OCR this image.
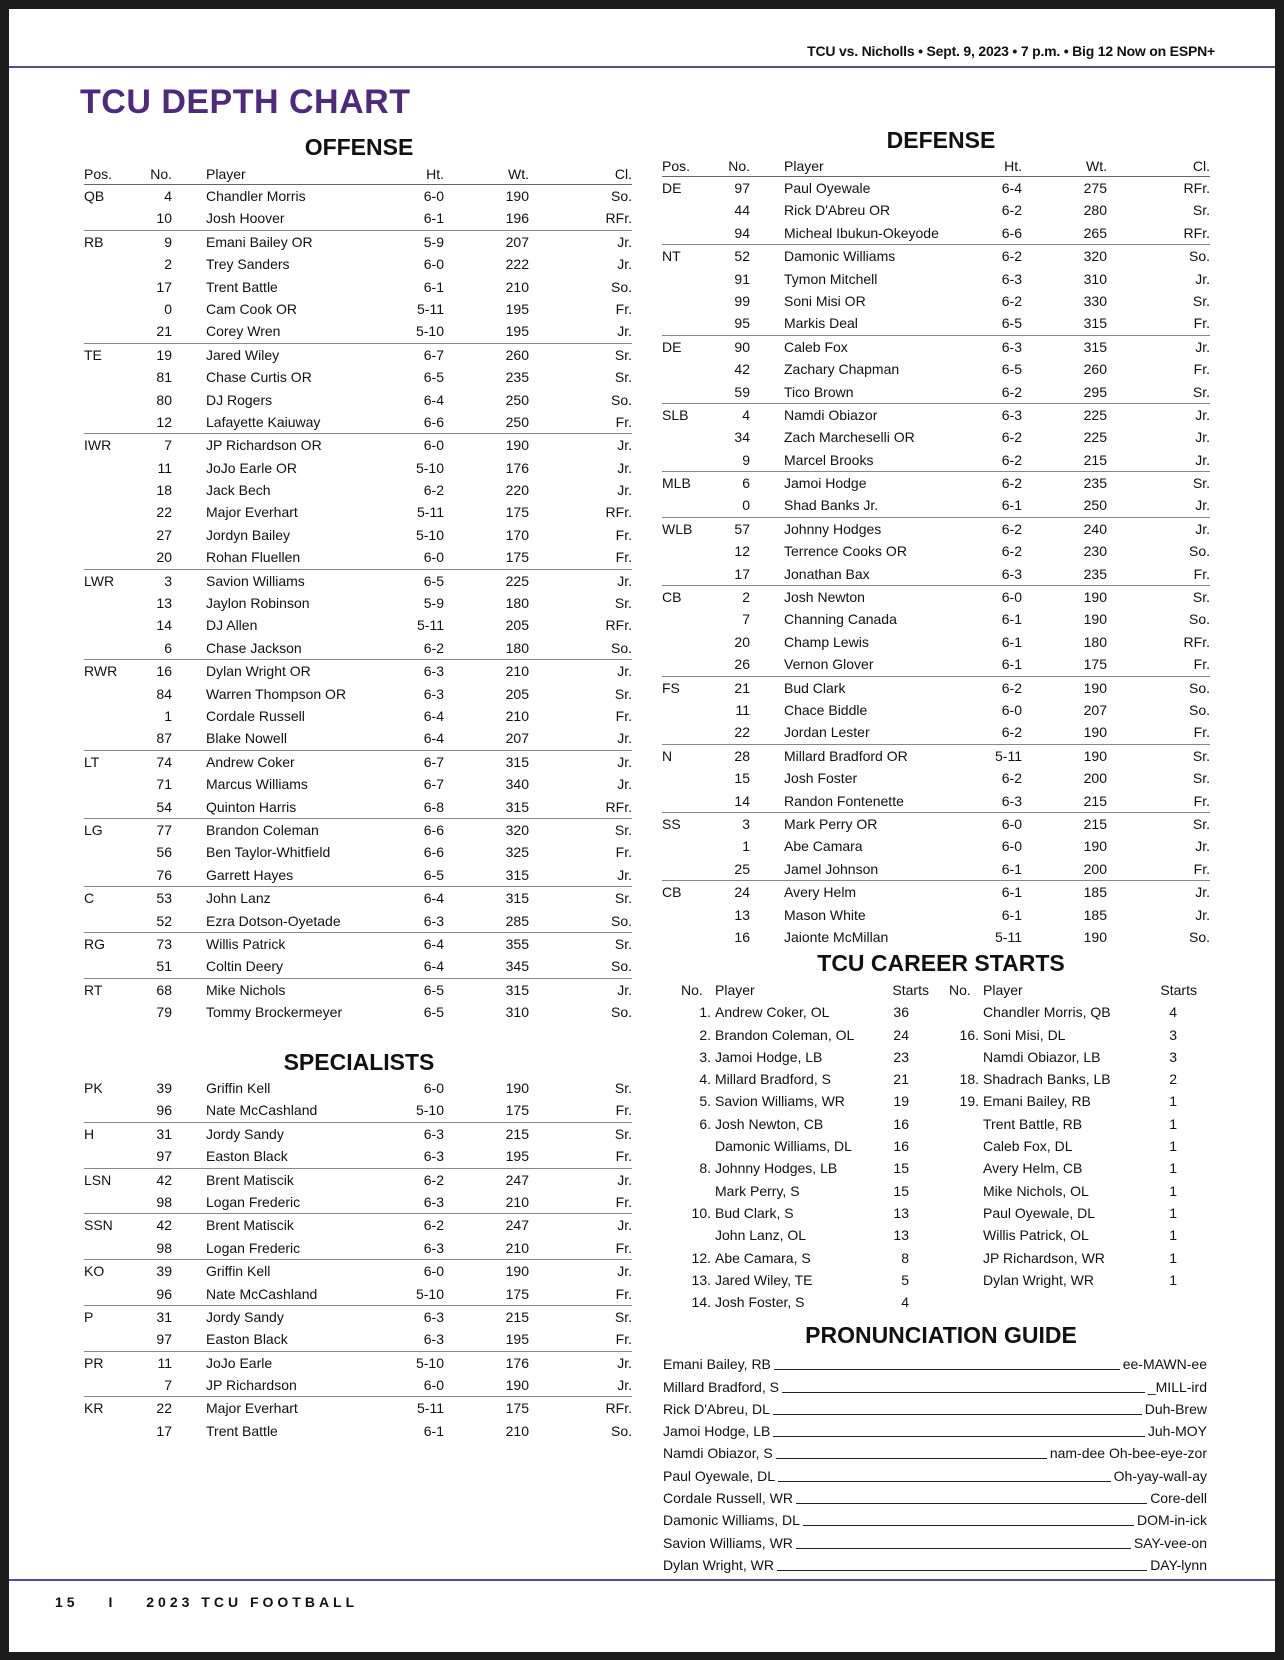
TCU vs. Nicholls • Sept. 9, 2023 • 7 p.m. • Big 12 Now on ESPN+
TCU DEPTH CHART
OFFENSE
Pos.	No. Player	Ht.	Wt.	Cl.
QB	4 Chandler Morris	6-0	190	So.
10 Josh Hoover	6-1	196	RFr.
RB	9 Emani Bailey OR	5-9	207	Jr.
2 Trey Sanders	6-0	222	Jr.
17 Trent Battle	6-1	210	So.
0 Cam Cook OR	5-11	195	Fr.
21 Corey Wren	5-10	195	Jr.
TE	19 Jared Wiley	6-7	260	Sr.
81 Chase Curtis OR	6-5	235	Sr.
80 DJ Rogers	6-4	250	So.
12 Lafayette Kaiuway	6-6	250	Fr.
IWR	7 JP Richardson OR	6-0	190	Jr.
11 JoJo Earle OR	5-10	176	Jr.
18 Jack Bech	6-2	220	Jr.
22 Major Everhart	5-11	175	RFr.
27 Jordyn Bailey	5-10	170	Fr.
20 Rohan Fluellen	6-0	175	Fr.
LWR	3 Savion Williams	6-5	225	Jr.
13 Jaylon Robinson	5-9	180	Sr.
14 DJ Allen	5-11	205	RFr.
6 Chase Jackson	6-2	180	So.
RWR	16 Dylan Wright OR	6-3	210	Jr.
84 Warren Thompson OR	6-3	205	Sr.
1 Cordale Russell	6-4	210	Fr.
87 Blake Nowell	6-4	207	Jr.
LT	74 Andrew Coker	6-7	315	Jr.
71 Marcus Williams	6-7	340	Jr.
54 Quinton Harris	6-8	315	RFr.
LG	77 Brandon Coleman	6-6	320	Sr.
56 Ben Taylor-Whitfield	6-6	325	Fr.
76 Garrett Hayes	6-5	315	Jr.
C	53 John Lanz	6-4	315	Sr.
52 Ezra Dotson-Oyetade	6-3	285	So.
RG	73 Willis Patrick	6-4	355	Sr.
51 Coltin Deery	6-4	345	So.
RT	68 Mike Nichols	6-5	315	Jr.
79 Tommy Brockermeyer	6-5	310	So.
SPECIALISTS
PK	39 Griffin Kell	6-0	190	Sr.
96 Nate McCashland	5-10	175	Fr.
H	31 Jordy Sandy	6-3	215	Sr.
97 Easton Black	6-3	195	Fr.
LSN	42 Brent Matiscik	6-2	247	Jr.
98 Logan Frederic	6-3	210	Fr.
SSN	42 Brent Matiscik	6-2	247	Jr.
98 Logan Frederic	6-3	210	Fr.
KO	39 Griffin Kell	6-0	190	Jr.
96 Nate McCashland	5-10	175	Fr.
P	31 Jordy Sandy	6-3	215	Sr.
97 Easton Black	6-3	195	Fr.
PR	11 JoJo Earle	5-10	176	Jr.
7 JP Richardson	6-0	190	Jr.
KR	22 Major Everhart	5-11	175	RFr.
17 Trent Battle	6-1	210	So.
DEFENSE
Pos.	No. Player	Ht.	Wt.	Cl.
DE	97 Paul Oyewale	6-4	275	RFr.
44 Rick D'Abreu OR	6-2	280	Sr.
94 Micheal Ibukun-Okeyode	6-6	265	RFr.
NT	52 Damonic Williams	6-2	320	So.
91 Tymon Mitchell	6-3	310	Jr.
99 Soni Misi OR	6-2	330	Sr.
95 Markis Deal	6-5	315	Fr.
DE	90 Caleb Fox	6-3	315	Jr.
42 Zachary Chapman	6-5	260	Fr.
59 Tico Brown	6-2	295	Sr.
SLB	4 Namdi Obiazor	6-3	225	Jr.
34 Zach Marcheselli OR	6-2	225	Jr.
9 Marcel Brooks	6-2	215	Jr.
MLB	6 Jamoi Hodge	6-2	235	Sr.
0 Shad Banks Jr.	6-1	250	Jr.
WLB	57 Johnny Hodges	6-2	240	Jr.
12 Terrence Cooks OR	6-2	230	So.
17 Jonathan Bax	6-3	235	Fr.
CB	2 Josh Newton	6-0	190	Sr.
7 Channing Canada	6-1	190	So.
20 Champ Lewis	6-1	180	RFr.
26 Vernon Glover	6-1	175	Fr.
FS	21 Bud Clark	6-2	190	So.
11 Chace Biddle	6-0	207	So.
22 Jordan Lester	6-2	190	Fr.
N	28 Millard Bradford OR	5-11	190	Sr.
15 Josh Foster	6-2	200	Sr.
14 Randon Fontenette	6-3	215	Fr.
SS	3 Mark Perry OR	6-0	215	Sr.
1 Abe Camara	6-0	190	Jr.
25 Jamel Johnson	6-1	200	Fr.
CB	24 Avery Helm	6-1	185	Jr.
13 Mason White	6-1	185	Jr.
16 Jaionte McMillan	5-11	190	So.
TCU CAREER STARTS
No. Player	Starts
1. Andrew Coker, OL	36
2. Brandon Coleman, OL	24
3. Jamoi Hodge, LB	23
4. Millard Bradford, S	21
5. Savion Williams, WR	19
6. Josh Newton, CB	16
Damonic Williams, DL	16
8. Johnny Hodges, LB	15
Mark Perry, S	15
10. Bud Clark, S	13
John Lanz, OL	13
12. Abe Camara, S	8
13. Jared Wiley, TE	5
14. Josh Foster, S	4
No. Player	Starts
Chandler Morris, QB	4
16. Soni Misi, DL	3
Namdi Obiazor, LB	3
18. Shadrach Banks, LB	2
19. Emani Bailey, RB	1
Trent Battle, RB	1
Caleb Fox, DL	1
Avery Helm, CB	1
Mike Nichols, OL	1
Paul Oyewale, DL	1
Willis Patrick, OL	1
JP Richardson, WR	1
Dylan Wright, WR	1
PRONUNCIATION GUIDE
Emani Bailey, RB	ee-MAWN-ee
Millard Bradford, S	_MILL-ird
Rick D'Abreu, DL	Duh-Brew
Jamoi Hodge, LB	Juh-MOY
Namdi Obiazor, S	nam-dee Oh-bee-eye-zor
Paul Oyewale, DL	Oh-yay-wall-ay
Cordale Russell, WR	Core-dell
Damonic Williams, DL	DOM-in-ick
Savion Williams, WR	SAY-vee-on
Dylan Wright, WR	DAY-lynn
15 I 2023 TCU FOOTBALL
